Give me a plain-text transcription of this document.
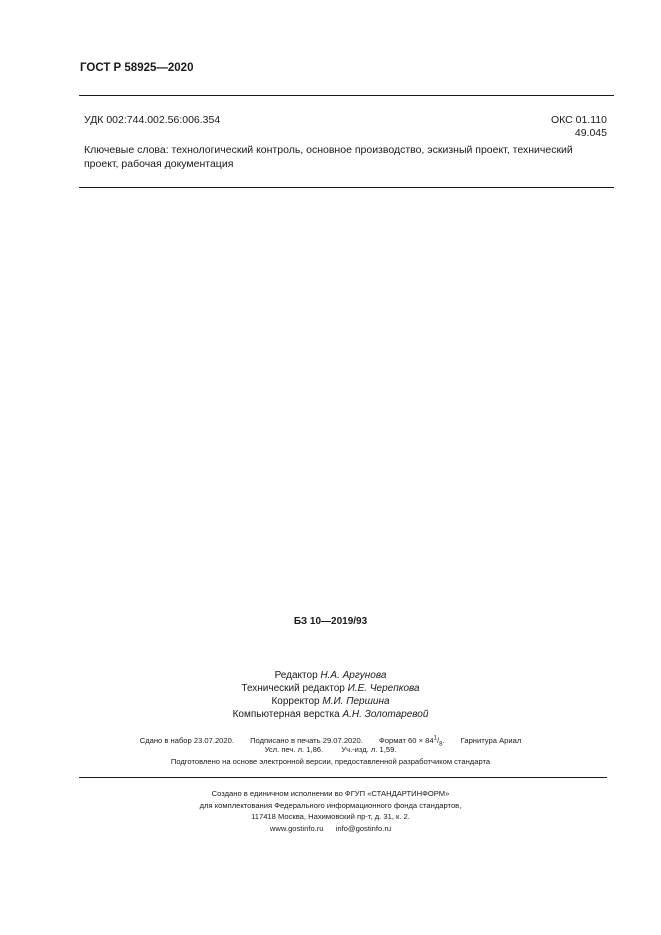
ГОСТ Р 58925—2020
УДК 002:744.002.56:006.354	ОКС 01.110
49.045
Ключевые слова: технологический контроль, основное производство, эскизный проект, технический проект, рабочая документация
БЗ 10—2019/93
Редактор Н.А. Аргунова
Технический редактор И.Е. Черепкова
Корректор М.И. Першина
Компьютерная верстка А.Н. Золотаревой
Сдано в набор 23.07.2020. Подписано в печать 29.07.2020. Формат $60 \times 84^1/_8$. Гарнитура Ариал
Усл. печ. л. 1,86. Уч.-изд. л. 1,59.
Подготовлено на основе электронной версии, предоставленной разработчиком стандарта
Создано в единичном исполнении во ФГУП «СТАНДАРТИНФОРМ»
для комплектования Федерального информационного фонда стандартов,
117418 Москва, Нахимовский пр-т, д. 31, к. 2.
www.gostinfo.ru info@gostinfo.ru
